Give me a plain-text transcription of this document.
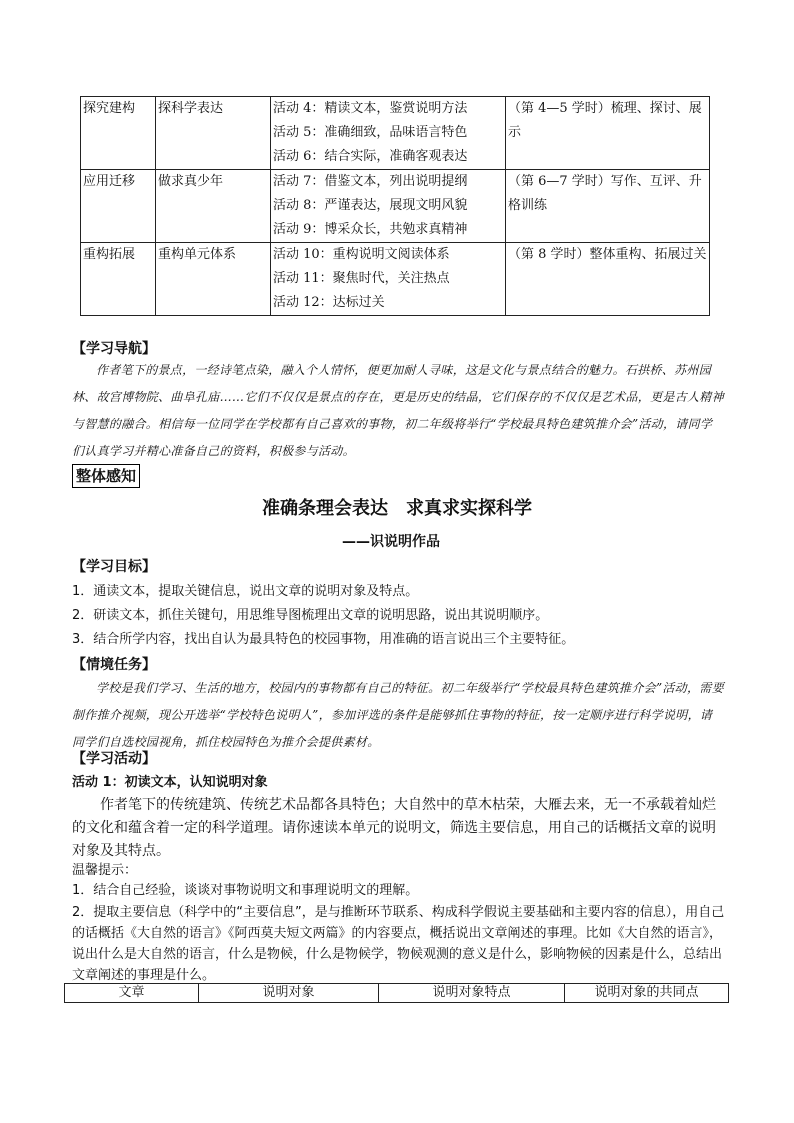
探究建构	探科学表达	活动 4：精读文本，鉴赏说明方法
活动 5：准确细致，品味语言特色
活动 6：结合实际，准确客观表达	（第 4—5 学时）梳理、探讨、展示
应用迁移	做求真少年	活动 7：借鉴文本，列出说明提纲
活动 8：严谨表达，展现文明风貌
活动 9：博采众长，共勉求真精神	（第 6—7 学时）写作、互评、升格训练
重构拓展	重构单元体系	活动 10：重构说明文阅读体系
活动 11：聚焦时代，关注热点
活动 12：达标过关	（第 8 学时）整体重构、拓展过关
【学习导航】
作者笔下的景点，一经诗笔点染，融入个人情怀，便更加耐人寻味，这是文化与景点结合的魅力。石拱桥、苏州园林、故宫博物院、曲阜孔庙……它们不仅仅是景点的存在，更是历史的结晶，它们保存的不仅仅是艺术品，更是古人精神与智慧的融合。相信每一位同学在学校都有自己喜欢的事物，初二年级将举行“学校最具特色建筑推介会”活动，请同学们认真学习并精心准备自己的资料，积极参与活动。
整体感知
准确条理会表达　求真求实探科学
——识说明作品
【学习目标】
1．通读文本，提取关键信息，说出文章的说明对象及特点。
2．研读文本，抓住关键句，用思维导图梳理出文章的说明思路，说出其说明顺序。
3．结合所学内容，找出自认为最具特色的校园事物，用准确的语言说出三个主要特征。
【情境任务】
学校是我们学习、生活的地方，校园内的事物都有自己的特征。初二年级举行“学校最具特色建筑推介会”活动，需要制作推介视频，现公开选举“学校特色说明人”，参加评选的条件是能够抓住事物的特征，按一定顺序进行科学说明，请同学们自选校园视角，抓住校园特色为推介会提供素材。
【学习活动】
活动 1：初读文本，认知说明对象
作者笔下的传统建筑、传统艺术品都各具特色；大自然中的草木枯荣，大雁去来，无一不承载着灿烂的文化和蕴含着一定的科学道理。请你速读本单元的说明文，筛选主要信息，用自己的话概括文章的说明对象及其特点。
温馨提示：
1．结合自己经验，谈谈对事物说明文和事理说明文的理解。
2．提取主要信息（科学中的“主要信息”，是与推断环节联系、构成科学假说主要基础和主要内容的信息），用自己的话概括《大自然的语言》《阿西莫夫短文两篇》的内容要点，概括说出文章阐述的事理。比如《大自然的语言》，说出什么是大自然的语言，什么是物候，什么是物候学，物候观测的意义是什么，影响物候的因素是什么，总结出文章阐述的事理是什么。
文章	说明对象	说明对象特点	说明对象的共同点
